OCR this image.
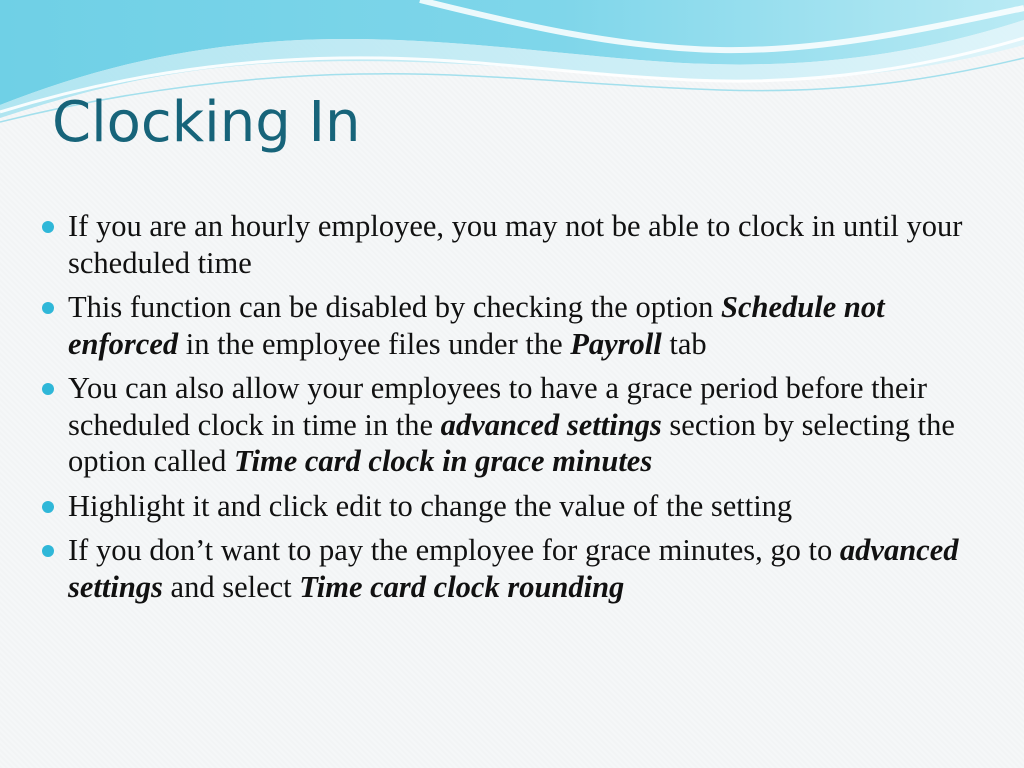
Clocking In
If you are an hourly employee, you may not be able to clock in until your scheduled time
This function can be disabled by checking the option Schedule not enforced in the employee files under the Payroll tab
You can also allow your employees to have a grace period before their scheduled clock in time in the advanced settings section by selecting the option called Time card clock in grace minutes
Highlight it and click edit to change the value of the setting
If you don’t want to pay the employee for grace minutes, go to advanced settings and select Time card clock rounding
